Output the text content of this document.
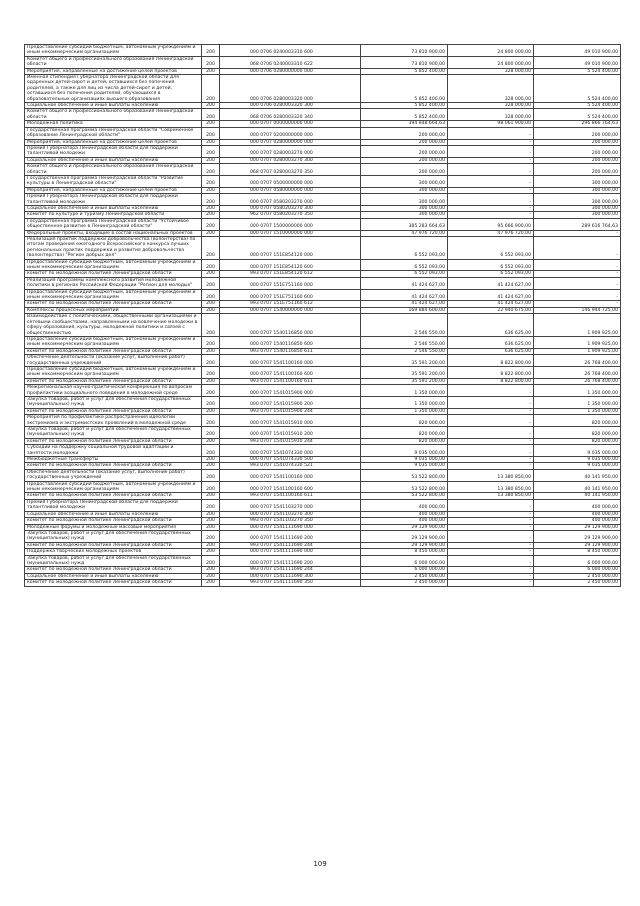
Предоставление субсидий бюджетным, автономным учреждениям и иным некоммерческим организациям	200	000 0706 0240003310 600	73 810 900,00	24 800 000,00	49 010 900,00
Комитет общего и профессионального образования Ленинградской области	200	068 0706 0240003310 622	73 810 900,00	24 800 000,00	49 010 900,00
Мероприятия, направленные на достижение целей проектов	200	000 0706 0280000000 000	5 852 400,00	328 000,00	5 524 400,00
Именная стипендия Губернатора Ленинградской области для одаренных детей-сирот и детей, оставшихся без попечения родителей, а также для лиц из числа детей-сирот и детей, оставшихся без попечения родителей, обучающихся в образовательных организациях высшего образования	200	000 0706 0280003320 000	5 852 400,00	328 000,00	5 524 400,00
Социальное обеспечение и иные выплаты населению	200	000 0706 0280003320 300	5 852 400,00	328 000,00	5 524 400,00
Комитет общего и профессионального образования Ленинградской области	200	068 0706 0280003320 340	5 852 400,00	328 000,00	5 524 400,00
Молодежная политика	200	000 0707 0000000000 000	394 848 664,63	98 061 900,00	296 866 764,63
Государственная программа Ленинградской области "Современное образование Ленинградской области"	200	000 0707 0200000000 000	200 000,00	-	200 000,00
Мероприятия, направленные на достижение целей проектов	200	000 0707 0280000000 000	200 000,00	-	200 000,00
Премия Губернатора Ленинградской области для поддержки талантливой молодежи	200	000 0707 0280003270 000	200 000,00	-	200 000,00
Социальное обеспечение и иные выплаты населению	200	000 0707 0280003270 300	200 000,00	-	200 000,00
Комитет общего и профессионального образования Ленинградской области	200	068 0707 0280003270 350	200 000,00	-	200 000,00
Государственная программа Ленинградской области "Развитие культуры в Ленинградской области"	200	000 0707 0500000000 000	300 000,00	-	300 000,00
Мероприятия, направленные на достижение целей проектов	200	000 0707 0580000000 000	300 000,00	-	300 000,00
Премия Губернатора Ленинградской области для поддержки талантливой молодежи	200	000 0707 0580203270 000	300 000,00	-	300 000,00
Социальное обеспечение и иные выплаты населению	200	000 0707 0580203270 300	300 000,00	-	300 000,00
комитет по культуре и туризму Ленинградской области	200	962 0707 0580203270 350	300 000,00	-	300 000,00
Государственная программа Ленинградской области "Устойчивое общественное развитие в Ленинградской области"	200	000 0707 1500000000 000	385 283 664,63	95 666 900,00	289 616 764,63
Федеральные проекты, входящие в состав национальных проектов	200	000 0707 1510000000 000	47 976 720,00	47 976 720,00	-
Реализация практик поддержки добровольчества (волонтерства) по итогам проведения ежегодного Всероссийского конкурса лучших региональных практик поддержки и развития добровольчества (волонтерства) "Регион добрых дел"	200	000 0707 151E854120 000	6 552 093,00	6 552 093,00	-
Предоставление субсидий бюджетным, автономным учреждениям и иным некоммерческим организациям	200	000 0707 151E854120 600	6 552 093,00	6 552 093,00	-
комитет по молодежной политике Ленинградской области	200	993 0707 151E854120 612	6 552 093,00	6 552 093,00	-
Реализация программы комплексного развития молодежной политики в регионах Российской Федерации "Регион для молодых"	200	000 0707 151E751160 000	41 424 627,00	41 424 627,00	-
Предоставление субсидий бюджетным, автономным учреждениям и иным некоммерческим организациям	200	000 0707 151E751160 600	41 424 627,00	41 424 627,00	-
комитет по молодежной политике Ленинградской области	200	993 0707 151E751160 612	41 424 627,00	41 424 627,00	-
Комплексы процессных мероприятий	200	000 0707 1540000000 000	169 884 600,00	22 940 675,00	146 944 725,00
Взаимодействие с политическими, общественными организациями и сетевыми сообществами, направленными на вовлечение молодежи в сферу образования, культуры, молодежной политики и связей с общественностью	200	000 0707 1540116850 000	2 546 550,00	636 625,00	1 909 925,00
Предоставление субсидий бюджетным, автономным учреждениям и иным некоммерческим организациям	200	000 0707 1540116850 600	2 546 550,00	636 625,00	1 909 925,00
комитет по молодежной политике Ленинградской области	200	993 0707 1540116850 611	2 546 550,00	636 625,00	1 909 925,00
Обеспечение деятельности (оказание услуг, выполнение работ) государственных учреждений	200	000 0707 1541100160 000	35 591 200,00	8 822 800,00	26 768 400,00
Предоставление субсидий бюджетным, автономным учреждениям и иным некоммерческим организациям	200	000 0707 1541100160 600	35 591 200,00	8 822 800,00	26 768 400,00
комитет по молодежной политике Ленинградской области	200	993 0707 1541100160 611	35 591 200,00	8 822 800,00	26 768 400,00
Межрегиональная научно-практическая конференция по вопросам профилактики асоциального поведения в молодежной среде	200	000 0707 1541015900 000	1 350 000,00	-	1 350 000,00
Закупка товаров, работ и услуг для обеспечения государственных (муниципальных) нужд	200	000 0707 1541015900 200	1 350 000,00	-	1 350 000,00
комитет по молодежной политике Ленинградской области	200	993 0707 1541015900 244	1 350 000,00	-	1 350 000,00
Мероприятия по профилактике распространения идеологии экстремизма и экстремистских проявлений в молодежной среде	200	000 0707 1541015910 000	820 000,00	-	820 000,00
Закупка товаров, работ и услуг для обеспечения государственных (муниципальных) нужд	200	000 0707 1541015910 200	820 000,00	-	820 000,00
комитет по молодежной политике Ленинградской области	200	993 0707 1541015910 244	820 000,00	-	820 000,00
Субсидии на поддержку социальной трудовой адаптации и занятости молодежи	200	000 0707 1541074330 000	9 035 000,00	-	9 035 000,00
Межбюджетные трансферты	200	000 0707 1541074330 500	9 035 000,00	-	9 035 000,00
комитет по молодежной политике Ленинградской области	200	993 0707 1541074330 521	9 035 000,00	-	9 035 000,00
Обеспечение деятельности (оказание услуг, выполнение работ) государственных учреждений	200	000 0707 1541100160 000	53 522 800,00	13 380 850,00	40 141 950,00
Предоставление субсидий бюджетным, автономным учреждениям и иным некоммерческим организациям	200	000 0707 1541100160 600	53 522 800,00	13 380 850,00	40 141 950,00
комитет по молодежной политике Ленинградской области	200	993 0707 1541100160 611	53 522 800,00	13 380 850,00	40 141 950,00
Премия Губернатора Ленинградской области для поддержки талантливой молодежи	200	000 0707 1541103270 000	400 000,00	-	400 000,00
Социальное обеспечение и иные выплаты населению	200	000 0707 1541103270 300	400 000,00	-	400 000,00
комитет по молодежной политике Ленинградской области	200	993 0707 1541103270 350	400 000,00	-	400 000,00
Молодежные форумы и молодежные массовые мероприятия	200	000 0707 1541111690 000	29 129 900,00	-	29 129 900,00
Закупка товаров, работ и услуг для обеспечения государственных (муниципальных) нужд	200	000 0707 1541111690 200	29 129 900,00	-	29 129 900,00
комитет по молодежной политике Ленинградской области	200	993 0707 1541111690 244	29 129 900,00	-	29 129 900,00
Поддержка творческих молодежных проектов	200	000 0707 1541111690 000	8 450 000,00	-	8 450 000,00
Закупка товаров, работ и услуг для обеспечения государственных (муниципальных) нужд	200	000 0707 1541111690 200	6 000 000,00	-	6 000 000,00
комитет по молодежной политике Ленинградской области	200	993 0707 1541111690 244	6 000 000,00	-	6 000 000,00
Социальное обеспечение и иные выплаты населению	200	000 0707 1541111690 300	2 450 000,00	-	2 450 000,00
комитет по молодежной политике Ленинградской области	200	993 0707 1541111690 350	2 450 000,00	-	2 450 000,00
109
